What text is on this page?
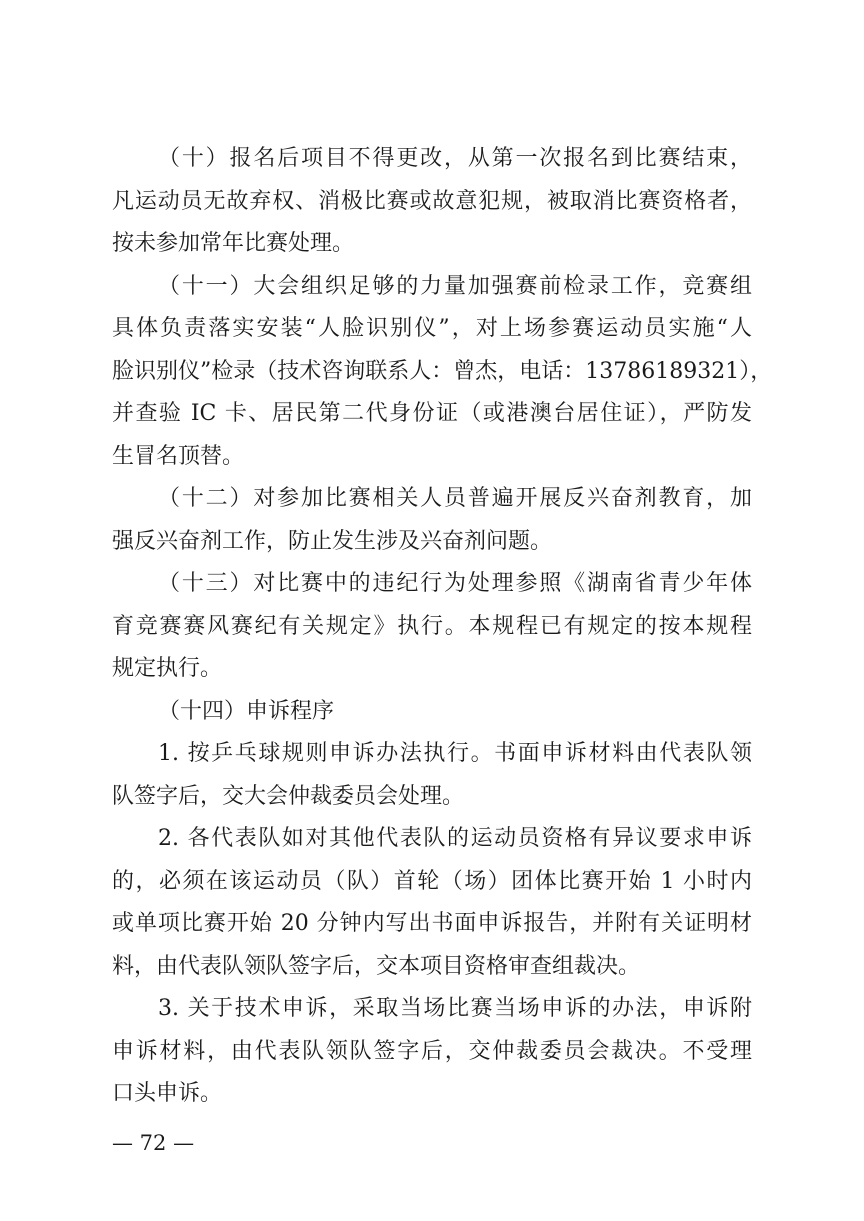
（十）报名后项目不得更改，从第一次报名到比赛结束，
凡运动员无故弃权、消极比赛或故意犯规，被取消比赛资格者，
按未参加常年比赛处理。
（十一）大会组织足够的力量加强赛前检录工作，竞赛组
具体负责落实安装“人脸识别仪”，对上场参赛运动员实施“人
脸识别仪”检录（技术咨询联系人：曾杰，电话：13786189321），
并查验 IC 卡、居民第二代身份证（或港澳台居住证），严防发
生冒名顶替。
（十二）对参加比赛相关人员普遍开展反兴奋剂教育，加
强反兴奋剂工作，防止发生涉及兴奋剂问题。
（十三）对比赛中的违纪行为处理参照《湖南省青少年体
育竞赛赛风赛纪有关规定》执行。本规程已有规定的按本规程
规定执行。
（十四）申诉程序
1. 按乒乓球规则申诉办法执行。书面申诉材料由代表队领
队签字后，交大会仲裁委员会处理。
2. 各代表队如对其他代表队的运动员资格有异议要求申诉
的，必须在该运动员（队）首轮（场）团体比赛开始 1 小时内
或单项比赛开始 20 分钟内写出书面申诉报告，并附有关证明材
料，由代表队领队签字后，交本项目资格审查组裁决。
3. 关于技术申诉，采取当场比赛当场申诉的办法，申诉附
申诉材料，由代表队领队签字后，交仲裁委员会裁决。不受理
口头申诉。
— 72 —
